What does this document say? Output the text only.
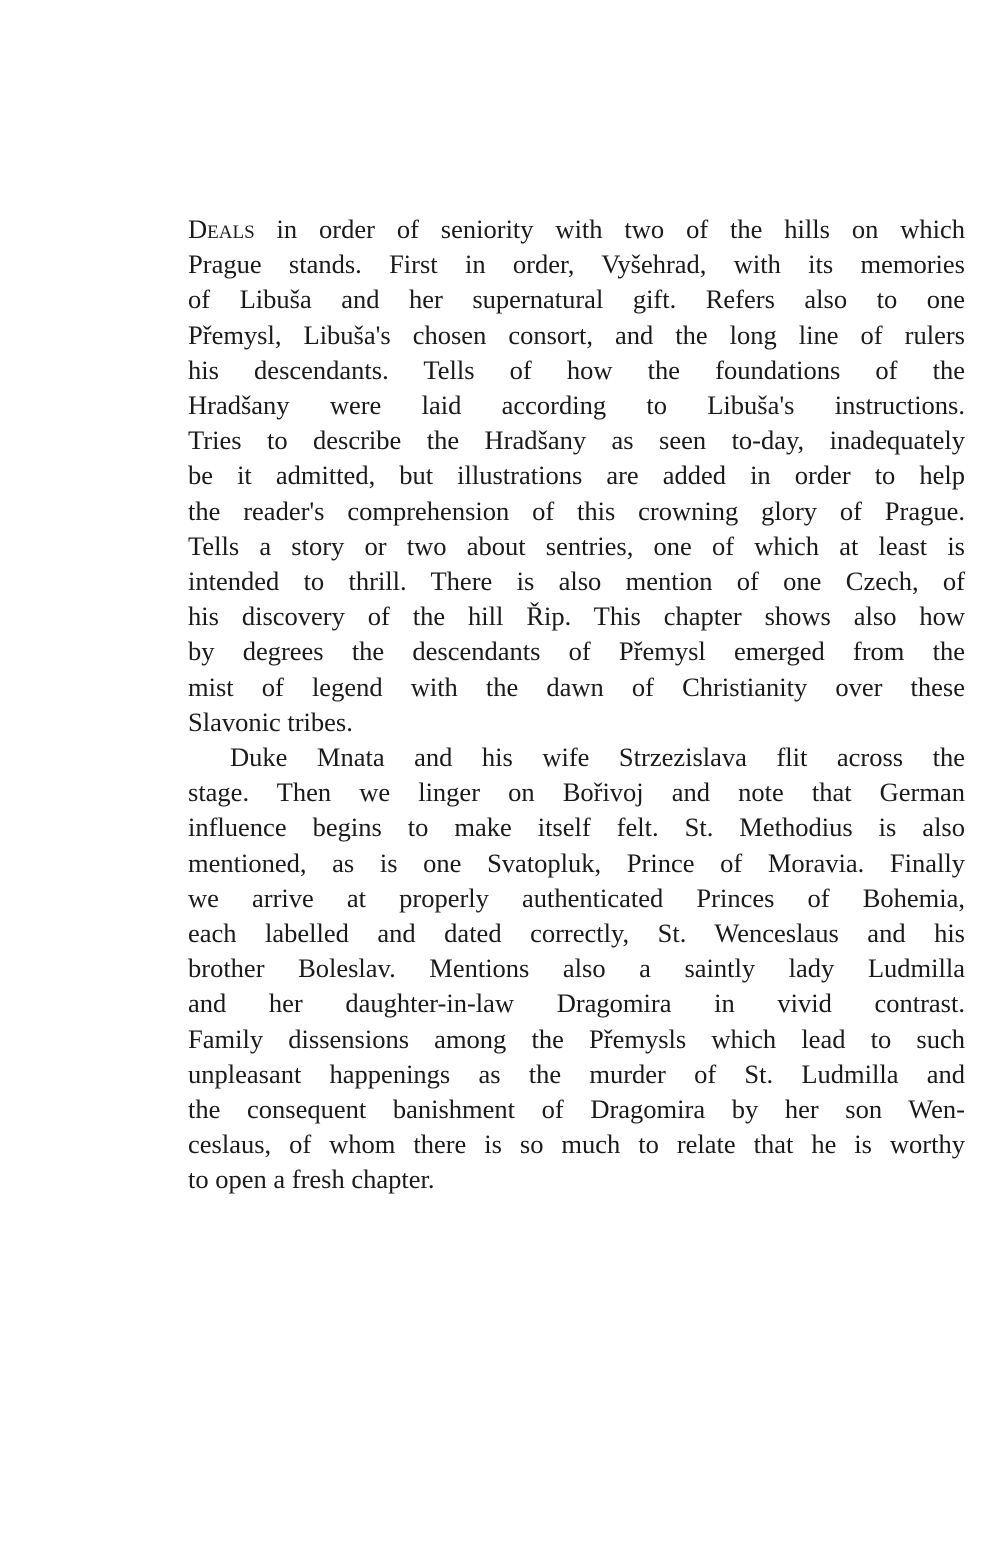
Deals in order of seniority with two of the hills on which
Prague stands. First in order, Vyšehrad, with its memories
of Libuša and her supernatural gift. Refers also to one
Přemysl, Libuša's chosen consort, and the long line of rulers
his descendants. Tells of how the foundations of the
Hradšany were laid according to Libuša's instructions.
Tries to describe the Hradšany as seen to-day, inadequately
be it admitted, but illustrations are added in order to help
the reader's comprehension of this crowning glory of Prague.
Tells a story or two about sentries, one of which at least is
intended to thrill. There is also mention of one Czech, of
his discovery of the hill Řip. This chapter shows also how
by degrees the descendants of Přemysl emerged from the
mist of legend with the dawn of Christianity over these
Slavonic tribes.
Duke Mnata and his wife Strzezislava flit across the
stage. Then we linger on Bořivoj and note that German
influence begins to make itself felt. St. Methodius is also
mentioned, as is one Svatopluk, Prince of Moravia. Finally
we arrive at properly authenticated Princes of Bohemia,
each labelled and dated correctly, St. Wenceslaus and his
brother Boleslav. Mentions also a saintly lady Ludmilla
and her daughter-in-law Dragomira in vivid contrast.
Family dissensions among the Přemysls which lead to such
unpleasant happenings as the murder of St. Ludmilla and
the consequent banishment of Dragomira by her son Wen-
ceslaus, of whom there is so much to relate that he is worthy
to open a fresh chapter.
